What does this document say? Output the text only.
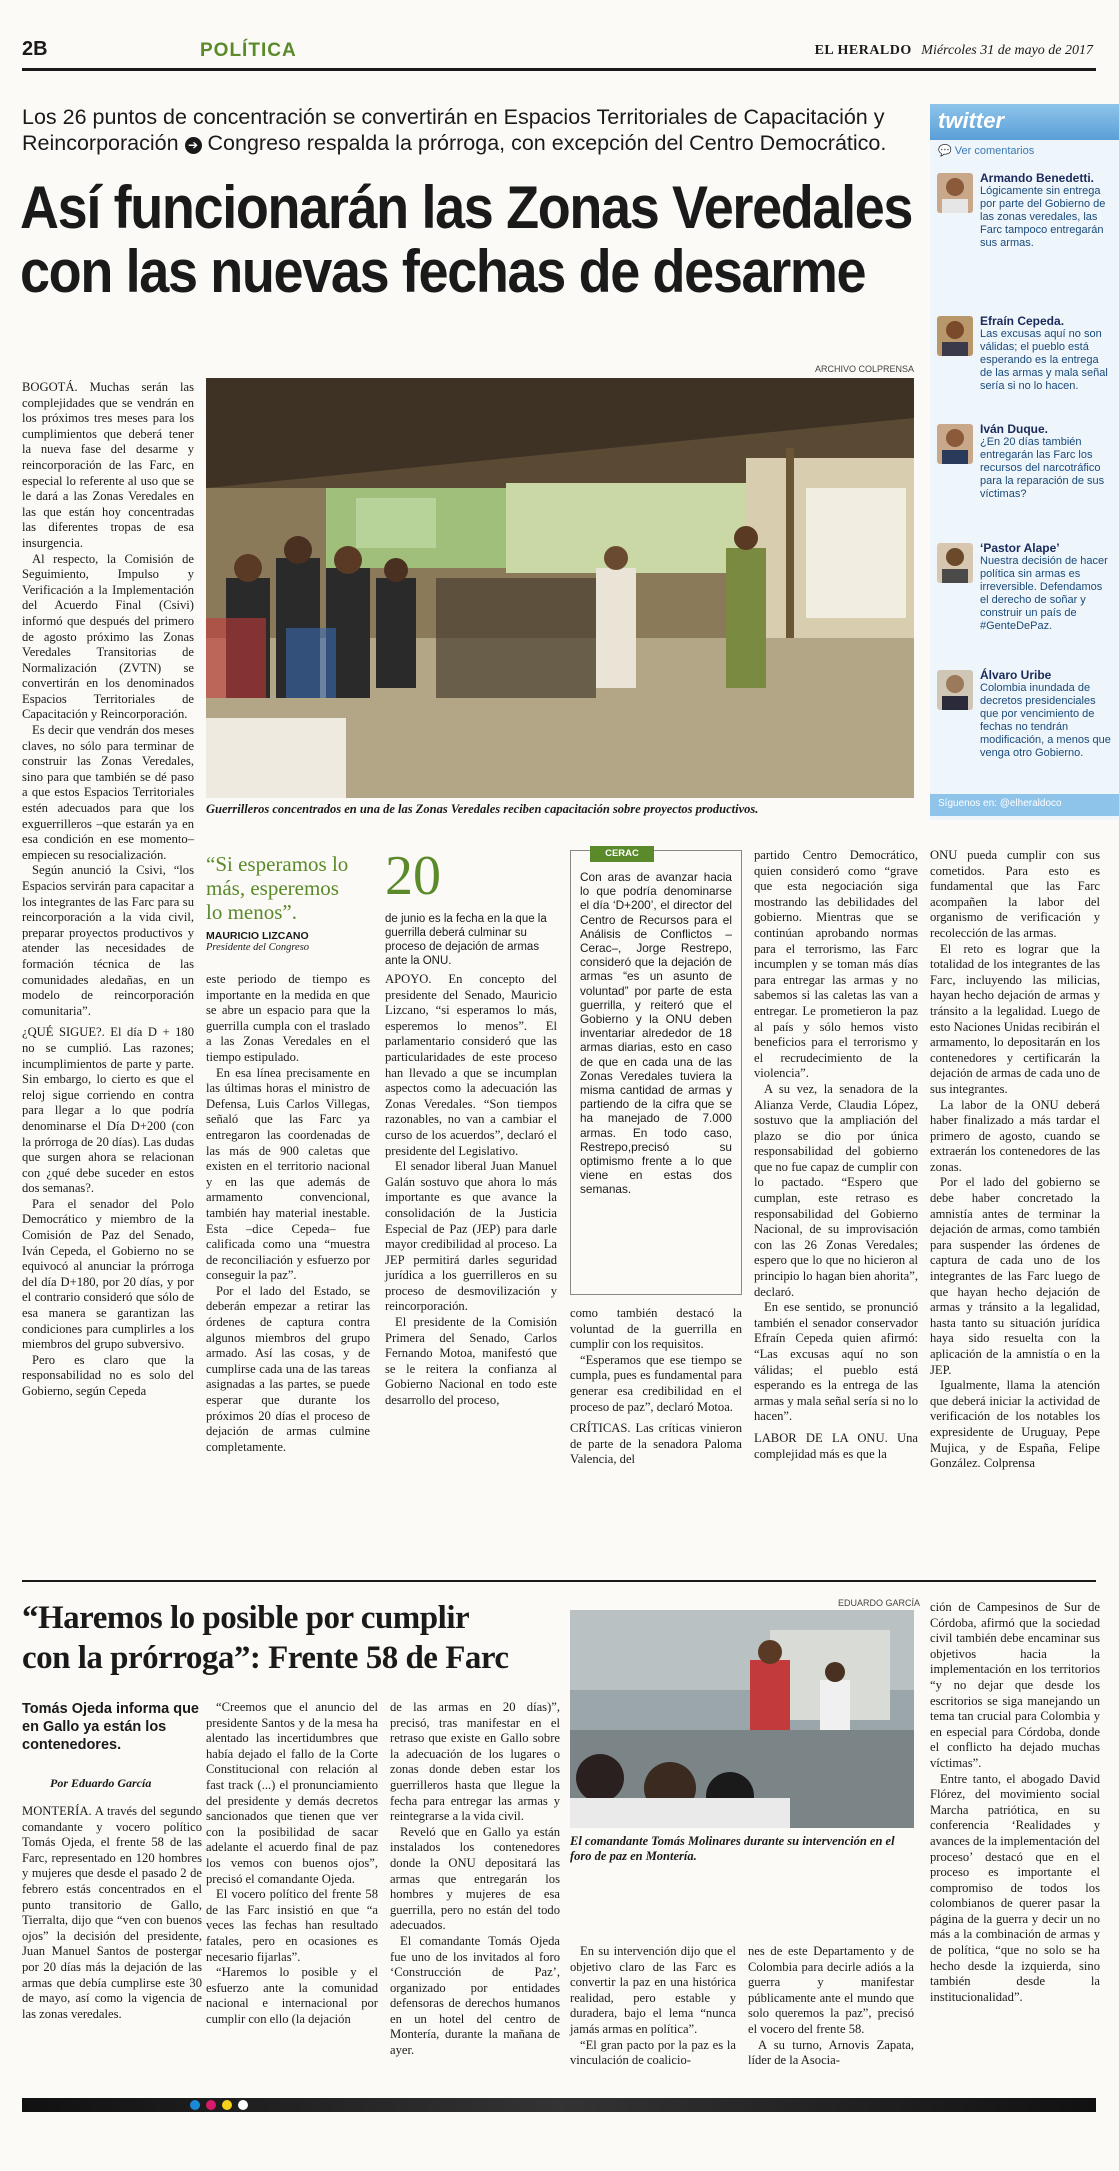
2B	POLÍTICA	EL HERALDO Miércoles 31 de mayo de 2017
Los 26 puntos de concentración se convertirán en Espacios Territoriales de Capacitación y
Reincorporación ➔ Congreso respalda la prórroga, con excepción del Centro Democrático.
Así funcionarán las Zonas Veredales
con las nuevas fechas de desarme
ARCHIVO COLPRENSA
Guerrilleros concentrados en una de las Zonas Veredales reciben capacitación sobre proyectos productivos.
twitter
💬 Ver comentarios
Armando Benedetti.
Lógicamente sin entrega por parte del Gobierno de las zonas veredales, las Farc tampoco entregarán sus armas.
Efraín Cepeda.
Las excusas aquí no son válidas; el pueblo está esperando es la entrega de las armas y mala señal sería si no lo hacen.
Iván Duque.
¿En 20 días también entregarán las Farc los recursos del narcotráfico para la reparación de sus víctimas?
‘Pastor Alape’
Nuestra decisión de hacer política sin armas es irreversible. Defendamos el derecho de soñar y construir un país de #GenteDePaz.
Álvaro Uribe
Colombia inundada de decretos presidenciales que por vencimiento de fechas no tendrán modificación, a menos que venga otro Gobierno.
Síguenos en: @elheraldoco

BOGOTÁ. Muchas serán las complejidades que se vendrán en los próximos tres meses para los cumplimientos que deberá tener la nueva fase del desarme y reincorporación de las Farc, en especial lo referente al uso que se le dará a las Zonas Veredales en las que están hoy concentradas las diferentes tropas de esa insurgencia.

Al respecto, la Comisión de Seguimiento, Impulso y Verificación a la Implementación del Acuerdo Final (Csivi) informó que después del primero de agosto próximo las Zonas Veredales Transitorias de Normalización (ZVTN) se convertirán en los denominados Espacios Territoriales de Capacitación y Reincorporación.

Es decir que vendrán dos meses claves, no sólo para terminar de construir las Zonas Veredales, sino para que también se dé paso a que estos Espacios Territoriales estén adecuados para que los exguerrilleros –que estarán ya en esa condición en ese momento– empiecen su resocialización.

Según anunció la Csivi, “los Espacios servirán para capacitar a los integrantes de las Farc para su reincorporación a la vida civil, preparar proyectos productivos y atender las necesidades de formación técnica de las comunidades aledañas, en un modelo de reincorporación comunitaria”.

¿QUÉ SIGUE?. El día D + 180 no se cumplió. Las razones; incumplimientos de parte y parte. Sin embargo, lo cierto es que el reloj sigue corriendo en contra para llegar a lo que podría denominarse el Día D+200 (con la prórroga de 20 días). Las dudas que surgen ahora se relacionan con ¿qué debe suceder en estos dos semanas?.

Para el senador del Polo Democrático y miembro de la Comisión de Paz del Senado, Iván Cepeda, el Gobierno no se equivocó al anunciar la prórroga del día D+180, por 20 días, y por el contrario consideró que sólo de esa manera se garantizan las condiciones para cumplirles a los miembros del grupo subversivo.

Pero es claro que la responsabilidad no es solo del Gobierno, según Cepeda

“Si esperamos lo más, esperemos lo menos”.
MAURICIO LIZCANO
Presidente del Congreso
20
de junio es la fecha en la que la guerrilla deberá culminar su proceso de dejación de armas ante la ONU.

este periodo de tiempo es importante en la medida en que se abre un espacio para que la guerrilla cumpla con el traslado a las Zonas Veredales en el tiempo estipulado.

En esa línea precisamente en las últimas horas el ministro de Defensa, Luis Carlos Villegas, señaló que las Farc ya entregaron las coordenadas de las más de 900 caletas que existen en el territorio nacional y en las que además de armamento convencional, también hay material inestable. Esta –dice Cepeda– fue calificada como una “muestra de reconciliación y esfuerzo por conseguir la paz”.

Por el lado del Estado, se deberán empezar a retirar las órdenes de captura contra algunos miembros del grupo armado. Así las cosas, y de cumplirse cada una de las tareas asignadas a las partes, se puede esperar que durante los próximos 20 días el proceso de dejación de armas culmine completamente.

APOYO. En concepto del presidente del Senado, Mauricio Lizcano, “si esperamos lo más, esperemos lo menos”. El parlamentario consideró que las particularidades de este proceso han llevado a que se incumplan aspectos como la adecuación las Zonas Veredales. “Son tiempos razonables, no van a cambiar el curso de los acuerdos”, declaró el presidente del Legislativo.

El senador liberal Juan Manuel Galán sostuvo que ahora lo más importante es que avance la consolidación de la Justicia Especial de Paz (JEP) para darle mayor credibilidad al proceso. La JEP permitirá darles seguridad jurídica a los guerrilleros en su proceso de desmovilización y reincorporación.

El presidente de la Comisión Primera del Senado, Carlos Fernando Motoa, manifestó que se le reitera la confianza al Gobierno Nacional en todo este desarrollo del proceso,

CERAC
Con aras de avanzar hacia lo que podría denominarse el día ‘D+200’, el director del Centro de Recursos para el Análisis de Conflictos –Cerac–, Jorge Restrepo, consideró que la dejación de armas “es un asunto de voluntad” por parte de esta guerrilla, y reiteró que el Gobierno y la ONU deben inventariar alrededor de 18 armas diarias, esto en caso de que en cada una de las Zonas Veredales tuviera la misma cantidad de armas y partiendo de la cifra que se ha manejado de 7.000 armas. En todo caso, Restrepo,precisó su optimismo frente a lo que viene en estas dos semanas.

como también destacó la voluntad de la guerrilla en cumplir con los requisitos.

“Esperamos que ese tiempo se cumpla, pues es fundamental para generar esa credibilidad en el proceso de paz”, declaró Motoa.

CRÍTICAS. Las críticas vinieron de parte de la senadora Paloma Valencia, del

partido Centro Democrático, quien consideró como “grave que esta negociación siga mostrando las debilidades del gobierno. Mientras que se continúan aprobando normas para el terrorismo, las Farc incumplen y se toman más días para entregar las armas y no sabemos si las caletas las van a entregar. Le prometieron la paz al país y sólo hemos visto beneficios para el terrorismo y el recrudecimiento de la violencia”.

A su vez, la senadora de la Alianza Verde, Claudia López, sostuvo que la ampliación del plazo se dio por única responsabilidad del gobierno que no fue capaz de cumplir con lo pactado. “Espero que cumplan, este retraso es responsabilidad del Gobierno Nacional, de su improvisación con las 26 Zonas Veredales; espero que lo que no hicieron al principio lo hagan bien ahorita”, declaró.

En ese sentido, se pronunció también el senador conservador Efraín Cepeda quien afirmó: “Las excusas aquí no son válidas; el pueblo está esperando es la entrega de las armas y mala señal sería si no lo hacen”.

LABOR DE LA ONU. Una complejidad más es que la

ONU pueda cumplir con sus cometidos. Para esto es fundamental que las Farc acompañen la labor del organismo de verificación y recolección de las armas.

El reto es lograr que la totalidad de los integrantes de las Farc, incluyendo las milicias, hayan hecho dejación de armas y tránsito a la legalidad. Luego de esto Naciones Unidas recibirán el armamento, lo depositarán en los contenedores y certificarán la dejación de armas de cada uno de sus integrantes.

La labor de la ONU deberá haber finalizado a más tardar el primero de agosto, cuando se extraerán los contenedores de las zonas.

Por el lado del gobierno se debe haber concretado la amnistía antes de terminar la dejación de armas, como también para suspender las órdenes de captura de cada uno de los integrantes de las Farc luego de que hayan hecho dejación de armas y tránsito a la legalidad, hasta tanto su situación jurídica haya sido resuelta con la aplicación de la amnistía o en la JEP.

Igualmente, llama la atención que deberá iniciar la actividad de verificación de los notables los expresidente de Uruguay, Pepe Mujica, y de España, Felipe González. Colprensa

“Haremos lo posible por cumplir
con la prórroga”: Frente 58 de Farc
Tomás Ojeda informa que en Gallo ya están los contenedores.
Por Eduardo García
EDUARDO GARCÍA
El comandante Tomás Molinares durante su intervención en el foro de paz en Montería.

MONTERÍA. A través del segundo comandante y vocero político Tomás Ojeda, el frente 58 de las Farc, representado en 120 hombres y mujeres que desde el pasado 2 de febrero estás concentrados en el punto transitorio de Gallo, Tierralta, dijo que “ven con buenos ojos” la decisión del presidente, Juan Manuel Santos de postergar por 20 días más la dejación de las armas que debía cumplirse este 30 de mayo, así como la vigencia de las zonas veredales.

“Creemos que el anuncio del presidente Santos y de la mesa ha alentado las incertidumbres que había dejado el fallo de la Corte Constitucional con relación al fast track (...) el pronunciamiento del presidente y demás decretos sancionados que tienen que ver con la posibilidad de sacar adelante el acuerdo final de paz los vemos con buenos ojos”, precisó el comandante Ojeda.

El vocero político del frente 58 de las Farc insistió en que “a veces las fechas han resultado fatales, pero en ocasiones es necesario fijarlas”.

“Haremos lo posible y el esfuerzo ante la comunidad nacional e internacional por cumplir con ello (la dejación

de las armas en 20 días)”, precisó, tras manifestar en el retraso que existe en Gallo sobre la adecuación de los lugares o zonas donde deben estar los guerrilleros hasta que llegue la fecha para entregar las armas y reintegrarse a la vida civil.

Reveló que en Gallo ya están instalados los contenedores donde la ONU depositará las armas que entregarán los hombres y mujeres de esa guerrilla, pero no están del todo adecuados.

El comandante Tomás Ojeda fue uno de los invitados al foro ‘Construcción de Paz’, organizado por entidades defensoras de derechos humanos en un hotel del centro de Montería, durante la mañana de ayer.

En su intervención dijo que el objetivo claro de las Farc es convertir la paz en una histórica realidad, pero estable y duradera, bajo el lema “nunca jamás armas en política”.

“El gran pacto por la paz es la vinculación de coalicio-

nes de este Departamento y de Colombia para decirle adiós a la guerra y manifestar públicamente ante el mundo que solo queremos la paz”, precisó el vocero del frente 58.

A su turno, Arnovis Zapata, líder de la Asocia-

ción de Campesinos de Sur de Córdoba, afirmó que la sociedad civil también debe encaminar sus objetivos hacia la implementación en los territorios “y no dejar que desde los escritorios se siga manejando un tema tan crucial para Colombia y en especial para Córdoba, donde el conflicto ha dejado muchas víctimas”.

Entre tanto, el abogado David Flórez, del movimiento social Marcha patriótica, en su conferencia ‘Realidades y avances de la implementación del proceso’ destacó que en el proceso es importante el compromiso de todos los colombianos de querer pasar la página de la guerra y decir un no más a la combinación de armas y de política, “que no solo se ha hecho desde la izquierda, sino también desde la institucionalidad”.
